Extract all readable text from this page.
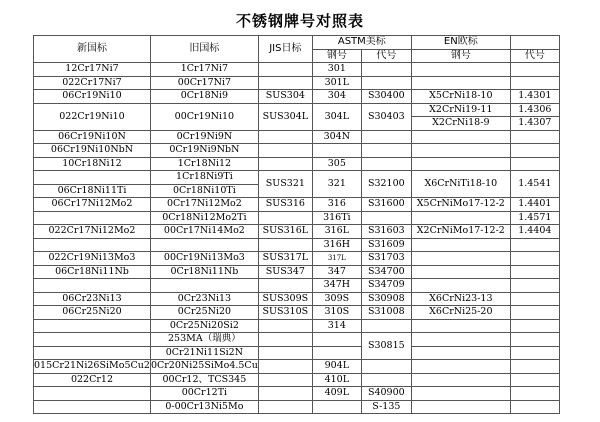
不锈钢牌号对照表
新国标	旧国标	JIS日标	ASTM美标		EN欧标	
			钢号	代号	钢号	代号
12Cr17Ni7	1Cr17Ni7		301			
022Cr17Ni7	00Cr17Ni7		301L			
06Cr19Ni10	0Cr18Ni9	SUS304	304	S30400	X5CrNi18-10	1.4301
022Cr19Ni10	00Cr19Ni10	SUS304L	304L	S30403	X2CrNi19-11	1.4306
					X2CrNi18-9	1.4307
06Cr19Ni10N	0Cr19Ni9N		304N			
06Cr19Ni10NbN	0Cr19Ni9NbN					
10Cr18Ni12	1Cr18Ni12		305			
	1Cr18Ni9Ti	SUS321	321	S32100	X6CrNiTi18-10	1.4541
06Cr18Ni11Ti	0Cr18Ni10Ti					
06Cr17Ni12Mo2	0Cr17Ni12Mo2	SUS316	316	S31600	X5CrNiMo17-12-2	1.4401
	0Cr18Ni12Mo2Ti		316Ti			1.4571
022Cr17Ni12Mo2	00Cr17Ni14Mo2	SUS316L	316L	S31603	X2CrNiMo17-12-2	1.4404
			316H	S31609		
022Cr19Ni13Mo3	00Cr19Ni13Mo3	SUS317L	317L	S31703		
06Cr18Ni11Nb	0Cr18Ni11Nb	SUS347	347	S34700		
			347H	S34709		
06Cr23Ni13	0Cr23Ni13	SUS309S	309S	S30908	X6CrNi23-13	
06Cr25Ni20	0Cr25Ni20	SUS310S	310S	S31008	X6CrNi25-20	
	0Cr25Ni20Si2		314			
	253MA（瑞典）			S30815		
	0Cr21Ni11Si2N					
015Cr21Ni26SiMo5Cu2	0Cr20Ni25SiMo4.5Cu		904L			
022Cr12	00Cr12、TCS345		410L			
	00Cr12Ti		409L	S40900		
	0-00Cr13Ni5Mo			S-135		
